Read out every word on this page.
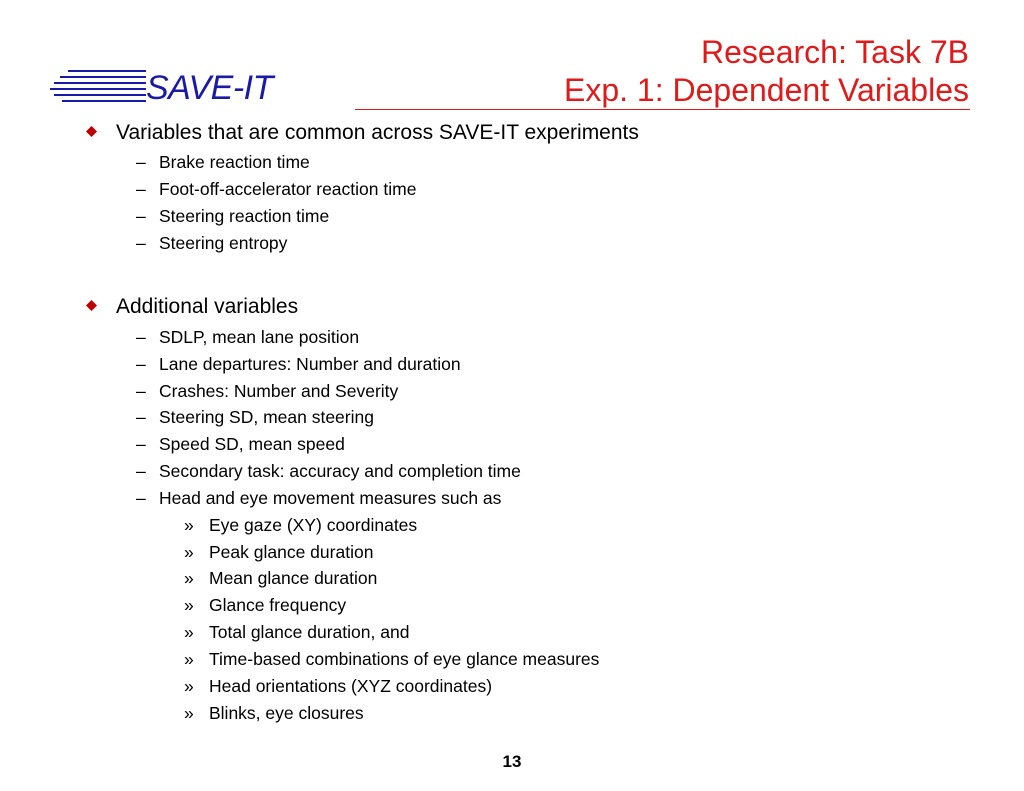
SAVE-IT
Research: Task 7B
Exp. 1: Dependent Variables
Variables that are common across SAVE-IT experiments
– Brake reaction time
– Foot-off-accelerator reaction time
– Steering reaction time
– Steering entropy
Additional variables
– SDLP, mean lane position
– Lane departures: Number and duration
– Crashes: Number and Severity
– Steering SD, mean steering
– Speed SD, mean speed
– Secondary task: accuracy and completion time
– Head and eye movement measures such as
» Eye gaze (XY) coordinates
» Peak glance duration
» Mean glance duration
» Glance frequency
» Total glance duration, and
» Time-based combinations of eye glance measures
» Head orientations (XYZ coordinates)
» Blinks, eye closures
13
